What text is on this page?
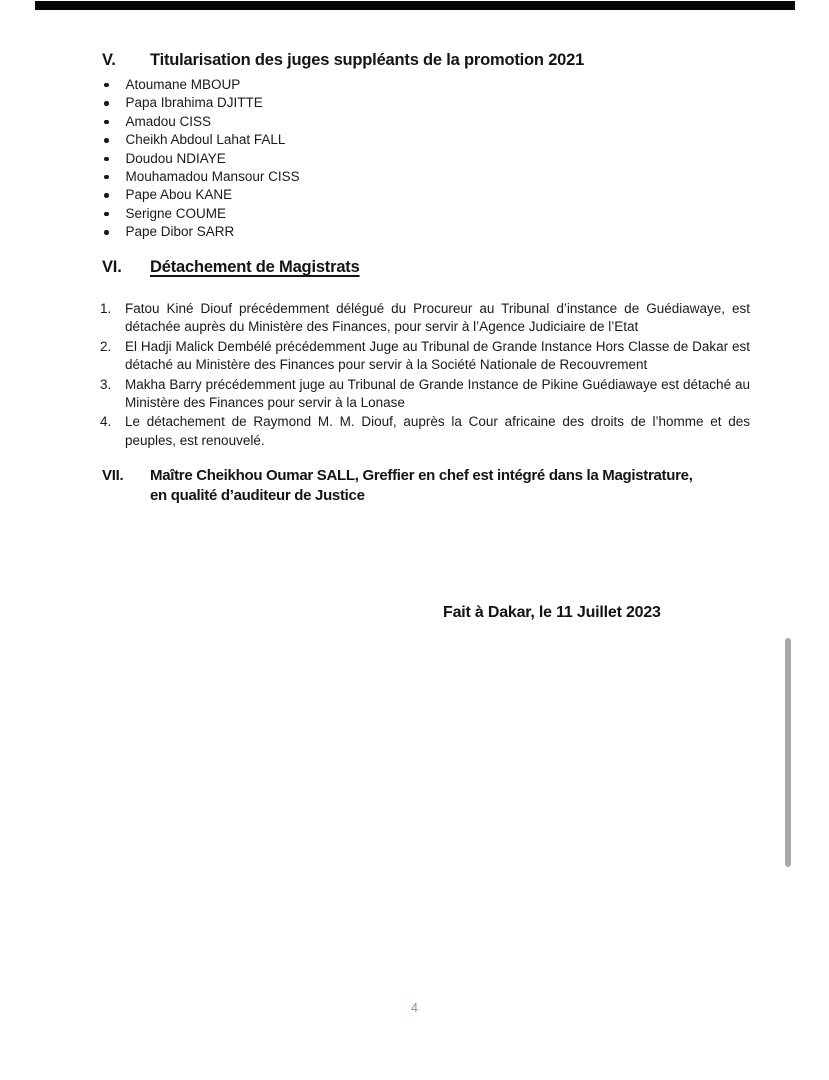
V.	Titularisation des juges suppléants de la promotion 2021
Atoumane MBOUP
Papa Ibrahima DJITTE
Amadou CISS
Cheikh Abdoul Lahat FALL
Doudou NDIAYE
Mouhamadou Mansour CISS
Pape Abou KANE
Serigne COUME
Pape Dibor SARR
VI.	Détachement de Magistrats
1.	Fatou Kiné Diouf précédemment délégué du Procureur au Tribunal d’instance de Guédiawaye, est détachée auprès du Ministère des Finances, pour servir à l’Agence Judiciaire de l’Etat
2.	El Hadji Malick Dembélé précédemment Juge au Tribunal de Grande Instance Hors Classe de Dakar est détaché au Ministère des Finances pour servir à la Société Nationale de Recouvrement
3.	Makha Barry précédemment juge au Tribunal de Grande Instance de Pikine Guédiawaye est détaché au Ministère des Finances pour servir à la Lonase
4.	Le détachement de Raymond M. M. Diouf, auprès la Cour africaine des droits de l’homme et des peuples, est renouvelé.
VII.	Maître Cheikhou Oumar SALL, Greffier en chef est intégré dans la Magistrature,
en qualité d’auditeur de Justice
Fait à Dakar, le 11 Juillet 2023
4
